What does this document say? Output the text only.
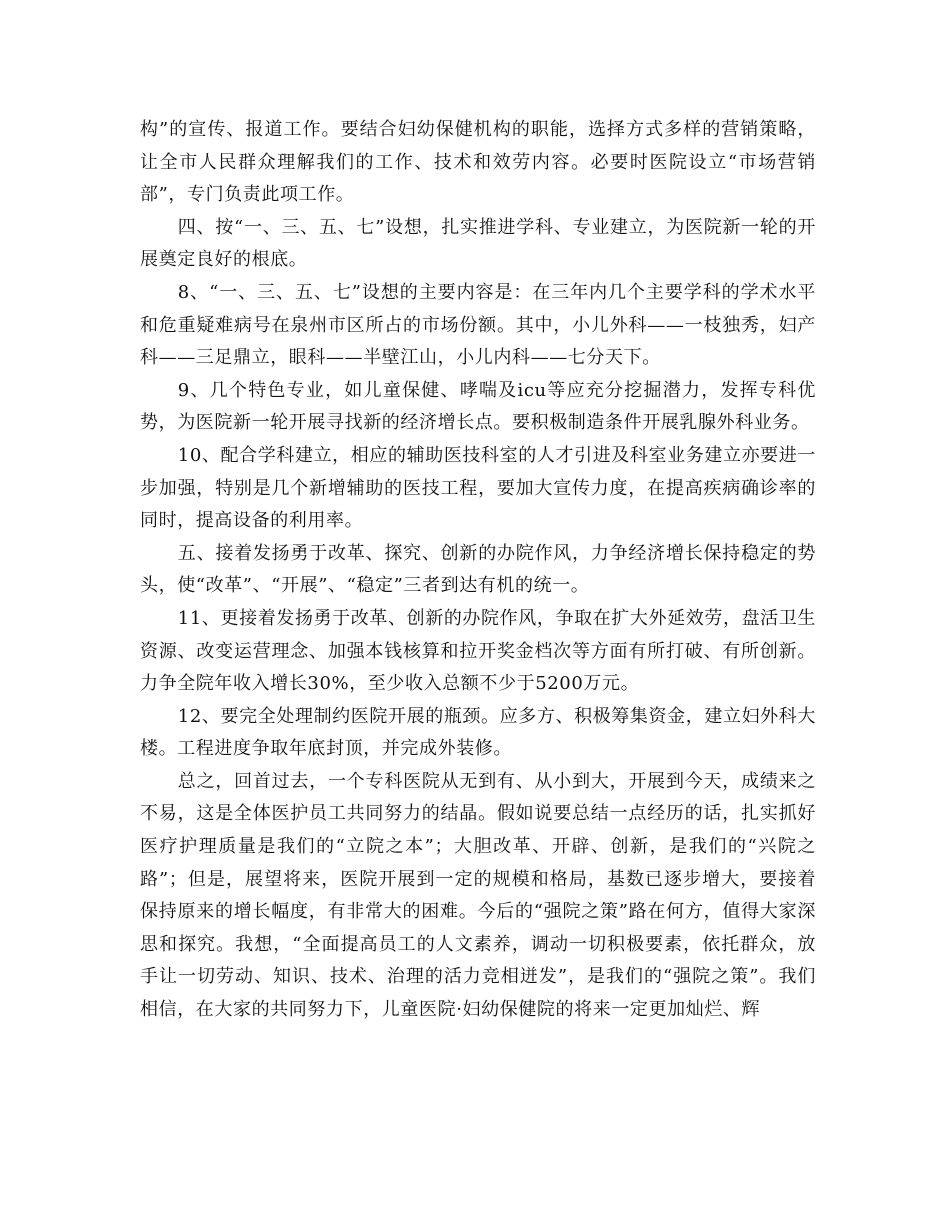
构”的宣传、报道工作。要结合妇幼保健机构的职能，选择方式多样的营销策略，让全市人民群众理解我们的工作、技术和效劳内容。必要时医院设立“市场营销部”，专门负责此项工作。

四、按“一、三、五、七”设想，扎实推进学科、专业建立，为医院新一轮的开展奠定良好的根底。

8、“一、三、五、七”设想的主要内容是：在三年内几个主要学科的学术水平和危重疑难病号在泉州市区所占的市场份额。其中，小儿外科——一枝独秀，妇产科——三足鼎立，眼科——半壁江山，小儿内科——七分天下。

9、几个特色专业，如儿童保健、哮喘及icu等应充分挖掘潜力，发挥专科优势，为医院新一轮开展寻找新的经济增长点。要积极制造条件开展乳腺外科业务。

10、配合学科建立，相应的辅助医技科室的人才引进及科室业务建立亦要进一步加强，特别是几个新增辅助的医技工程，要加大宣传力度，在提高疾病确诊率的同时，提高设备的利用率。

五、接着发扬勇于改革、探究、创新的办院作风，力争经济增长保持稳定的势头，使“改革”、“开展”、“稳定”三者到达有机的统一。

11、更接着发扬勇于改革、创新的办院作风，争取在扩大外延效劳，盘活卫生资源、改变运营理念、加强本钱核算和拉开奖金档次等方面有所打破、有所创新。力争全院年收入增长30%，至少收入总额不少于5200万元。

12、要完全处理制约医院开展的瓶颈。应多方、积极筹集资金，建立妇外科大楼。工程进度争取年底封顶，并完成外装修。

总之，回首过去，一个专科医院从无到有、从小到大，开展到今天，成绩来之不易，这是全体医护员工共同努力的结晶。假如说要总结一点经历的话，扎实抓好医疗护理质量是我们的“立院之本”；大胆改革、开辟、创新，是我们的“兴院之路”；但是，展望将来，医院开展到一定的规模和格局，基数已逐步增大，要接着保持原来的增长幅度，有非常大的困难。今后的“强院之策”路在何方，值得大家深思和探究。我想，“全面提高员工的人文素养，调动一切积极要素，依托群众，放手让一切劳动、知识、技术、治理的活力竞相迸发”，是我们的“强院之策”。我们相信，在大家的共同努力下，儿童医院·妇幼保健院的将来一定更加灿烂、辉
